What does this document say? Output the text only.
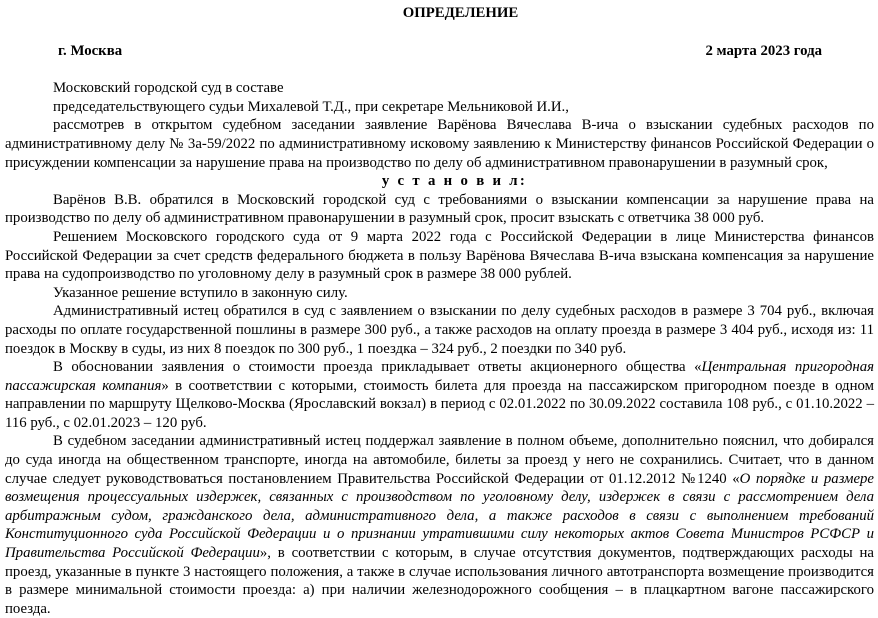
ОПРЕДЕЛЕНИЕ
г. Москва	2 марта 2023 года

Московский городской суд в составе

председательствующего судьи Михалевой Т.Д., при секретаре Мельниковой И.И.,

рассмотрев в открытом судебном заседании заявление Варёнова Вячеслава В-ича о взыскании судебных расходов по административному делу № 3а-59/2022 по административному исковому заявлению к Министерству финансов Российской Федерации о присуждении компенсации за нарушение права на производство по делу об административном правонарушении в разумный срок,

у с т а н о в и л:

Варёнов В.В. обратился в Московский городской суд с требованиями о взыскании компенсации за нарушение права на производство по делу об административном правонарушении в разумный срок, просит взыскать с ответчика 38 000 руб.

Решением Московского городского суда от 9 марта 2022 года с Российской Федерации в лице Министерства финансов Российской Федерации за счет средств федерального бюджета в пользу Варёнова Вячеслава В-ича взыскана компенсация за нарушение права на судопроизводство по уголовному делу в разумный срок в размере 38 000 рублей.

Указанное решение вступило в законную силу.

Административный истец обратился в суд с заявлением о взыскании по делу судебных расходов в размере 3 704 руб., включая расходы по оплате государственной пошлины в размере 300 руб., а также расходов на оплату проезда в размере 3 404 руб., исходя из: 11 поездок в Москву в суды, из них 8 поездок по 300 руб., 1 поездка – 324 руб., 2 поездки по 340 руб.

В обосновании заявления о стоимости проезда прикладывает ответы акционерного общества «Центральная пригородная пассажирская компания» в соответствии с которыми, стоимость билета для проезда на пассажирском пригородном поезде в одном направлении по маршруту Щелково-Москва (Ярославский вокзал) в период с 02.01.2022 по 30.09.2022 составила 108 руб., с 01.10.2022 – 116 руб., с 02.01.2023 – 120 руб.

В судебном заседании административный истец поддержал заявление в полном объеме, дополнительно пояснил, что добирался до суда иногда на общественном транспорте, иногда на автомобиле, билеты за проезд у него не сохранились. Считает, что в данном случае следует руководствоваться постановлением Правительства Российской Федерации от 01.12.2012 №1240 «О порядке и размере возмещения процессуальных издержек, связанных с производством по уголовному делу, издержек в связи с рассмотрением дела арбитражным судом, гражданского дела, административного дела, а также расходов в связи с выполнением требований Конституционного суда Российской Федерации и о признании утратившими силу некоторых актов Совета Министров РСФСР и Правительства Российской Федерации», в соответствии с которым, в случае отсутствия документов, подтверждающих расходы на проезд, указанные в пункте 3 настоящего положения, а также в случае использования личного автотранспорта возмещение производится в размере минимальной стоимости проезда: а) при наличии железнодорожного сообщения – в плацкартном вагоне пассажирского поезда.
